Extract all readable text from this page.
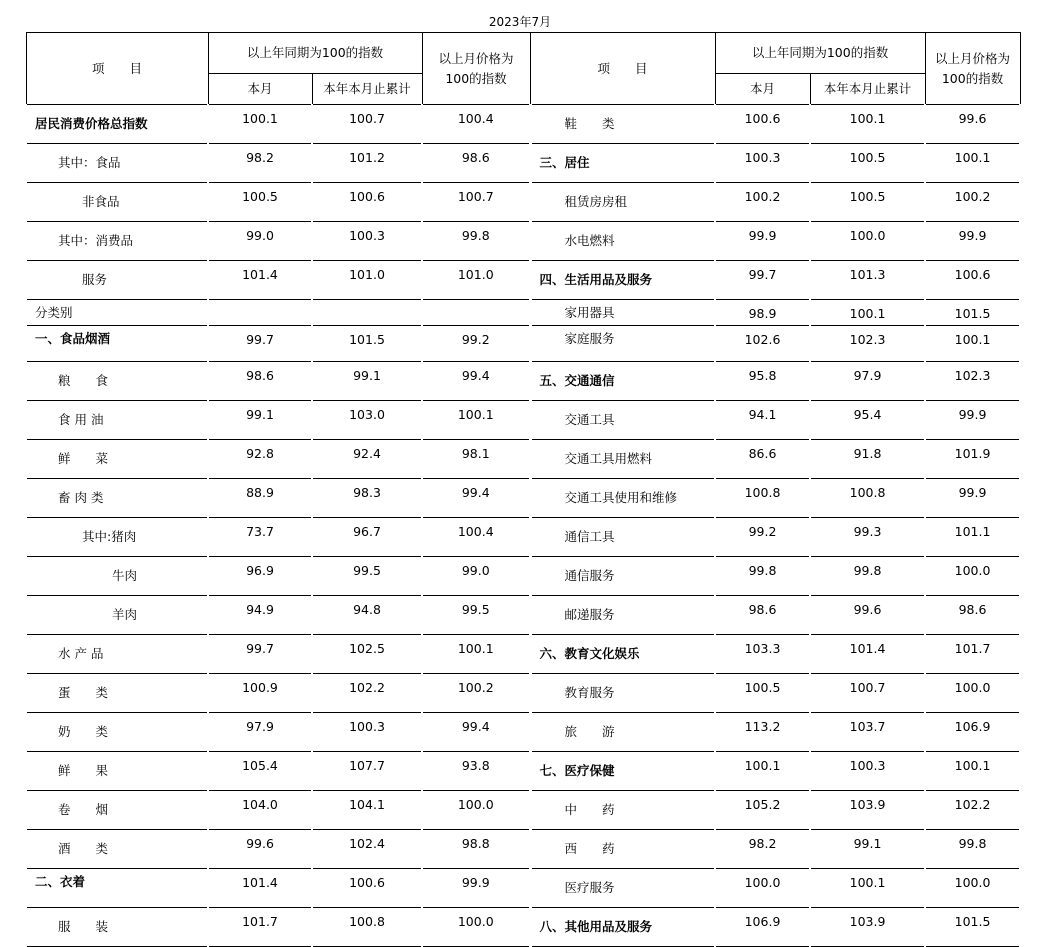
2023年7月
项　　目	以上年同期为100的指数		以上月价格为
100的指数	项　　目	以上年同期为100的指数		以上月价格为
100的指数
	本月	本年本月止累计			本月	本年本月止累计	
居民消费价格总指数	100.1	100.7	100.4	鞋　　类	100.6	100.1	99.6
其中：食品	98.2	101.2	98.6	三、居住	100.3	100.5	100.1
非食品	100.5	100.6	100.7	租赁房房租	100.2	100.5	100.2
其中：消费品	99.0	100.3	99.8	水电燃料	99.9	100.0	99.9
服务	101.4	101.0	101.0	四、生活用品及服务	99.7	101.3	100.6
分类别				家用器具	98.9	100.1	101.5
一、食品烟酒	99.7	101.5	99.2	家庭服务	102.6	102.3	100.1
粮　　食	98.6	99.1	99.4	五、交通通信	95.8	97.9	102.3
食 用 油	99.1	103.0	100.1	交通工具	94.1	95.4	99.9
鲜　　菜	92.8	92.4	98.1	交通工具用燃料	86.6	91.8	101.9
畜 肉 类	88.9	98.3	99.4	交通工具使用和维修	100.8	100.8	99.9
其中:猪肉	73.7	96.7	100.4	通信工具	99.2	99.3	101.1
牛肉	96.9	99.5	99.0	通信服务	99.8	99.8	100.0
羊肉	94.9	94.8	99.5	邮递服务	98.6	99.6	98.6
水 产 品	99.7	102.5	100.1	六、教育文化娱乐	103.3	101.4	101.7
蛋　　类	100.9	102.2	100.2	教育服务	100.5	100.7	100.0
奶　　类	97.9	100.3	99.4	旅　　游	113.2	103.7	106.9
鲜　　果	105.4	107.7	93.8	七、医疗保健	100.1	100.3	100.1
卷　　烟	104.0	104.1	100.0	中　　药	105.2	103.9	102.2
酒　　类	99.6	102.4	98.8	西　　药	98.2	99.1	99.8
二、衣着	101.4	100.6	99.9	医疗服务	100.0	100.1	100.0
服　　装	101.7	100.8	100.0	八、其他用品及服务	106.9	103.9	101.5
